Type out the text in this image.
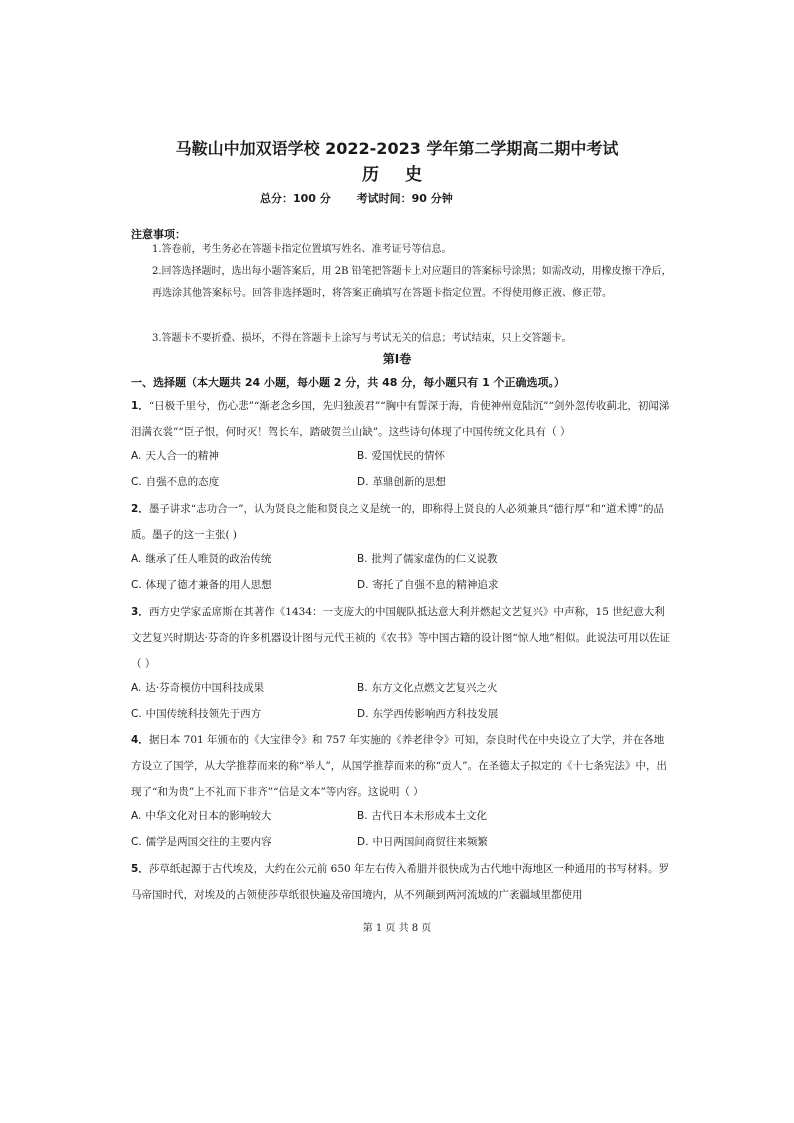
马鞍山中加双语学校 2022-2023 学年第二学期高二期中考试
历 史
总分：100 分 考试时间：90 分钟
注意事项：
1.答卷前，考生务必在答题卡指定位置填写姓名、准考证号等信息。
2.回答选择题时，选出每小题答案后，用 2B 铅笔把答题卡上对应题目的答案标号涂黑；如需改动，用橡皮擦干净后，再选涂其他答案标号。回答非选择题时，将答案正确填写在答题卡指定位置。不得使用修正液、修正带。
3.答题卡不要折叠、损坏，不得在答题卡上涂写与考试无关的信息；考试结束，只上交答题卡。
第Ⅰ卷
一、选择题（本大题共 24 小题，每小题 2 分，共 48 分，每小题只有 1 个正确选项。）
1．“日极千里兮，伤心悲”“渐老念乡国，先归独羡君”“胸中有誓深于海，肯使神州竟陆沉”“剑外忽传收蓟北，初闻涕泪满衣裳”“臣子恨，何时灭！驾长车，踏破贺兰山缺”。这些诗句体现了中国传统文化具有（ ）
A. 天人合一的精神	B. 爱国忧民的情怀
C. 自强不息的态度	D. 革鼎创新的思想
2．墨子讲求“志功合一”，认为贤良之能和贤良之义是统一的，即称得上贤良的人必须兼具“德行厚”和“道术博”的品质。墨子的这一主张( )
A. 继承了任人唯贤的政治传统	B. 批判了儒家虚伪的仁义说教
C. 体现了德才兼备的用人思想	D. 寄托了自强不息的精神追求
3．西方史学家孟席斯在其著作《1434：一支庞大的中国舰队抵达意大利并燃起文艺复兴》中声称，15 世纪意大利文艺复兴时期达·芬奇的许多机器设计图与元代王祯的《农书》等中国古籍的设计图“惊人地”相似。此说法可用以佐证（ ）
A. 达·芬奇模仿中国科技成果	B. 东方文化点燃文艺复兴之火
C. 中国传统科技领先于西方	D. 东学西传影响西方科技发展
4．据日本 701 年颁布的《大宝律令》和 757 年实施的《养老律令》可知，奈良时代在中央设立了大学，并在各地方设立了国学，从大学推荐而来的称“举人”，从国学推荐而来的称“贡人”。在圣德太子拟定的《十七条宪法》中，出现了“和为贵”上不礼而下非齐”“信是文本”等内容。这说明（ ）
A. 中华文化对日本的影响较大	B. 古代日本未形成本土文化
C. 儒学是两国交往的主要内容	D. 中日两国间商贸往来频繁
5．莎草纸起源于古代埃及，大约在公元前 650 年左右传入希腊并很快成为古代地中海地区一种通用的书写材料。罗马帝国时代，对埃及的占领使莎草纸很快遍及帝国境内，从不列颠到两河流域的广袤疆域里都使用
第 1 页 共 8 页
